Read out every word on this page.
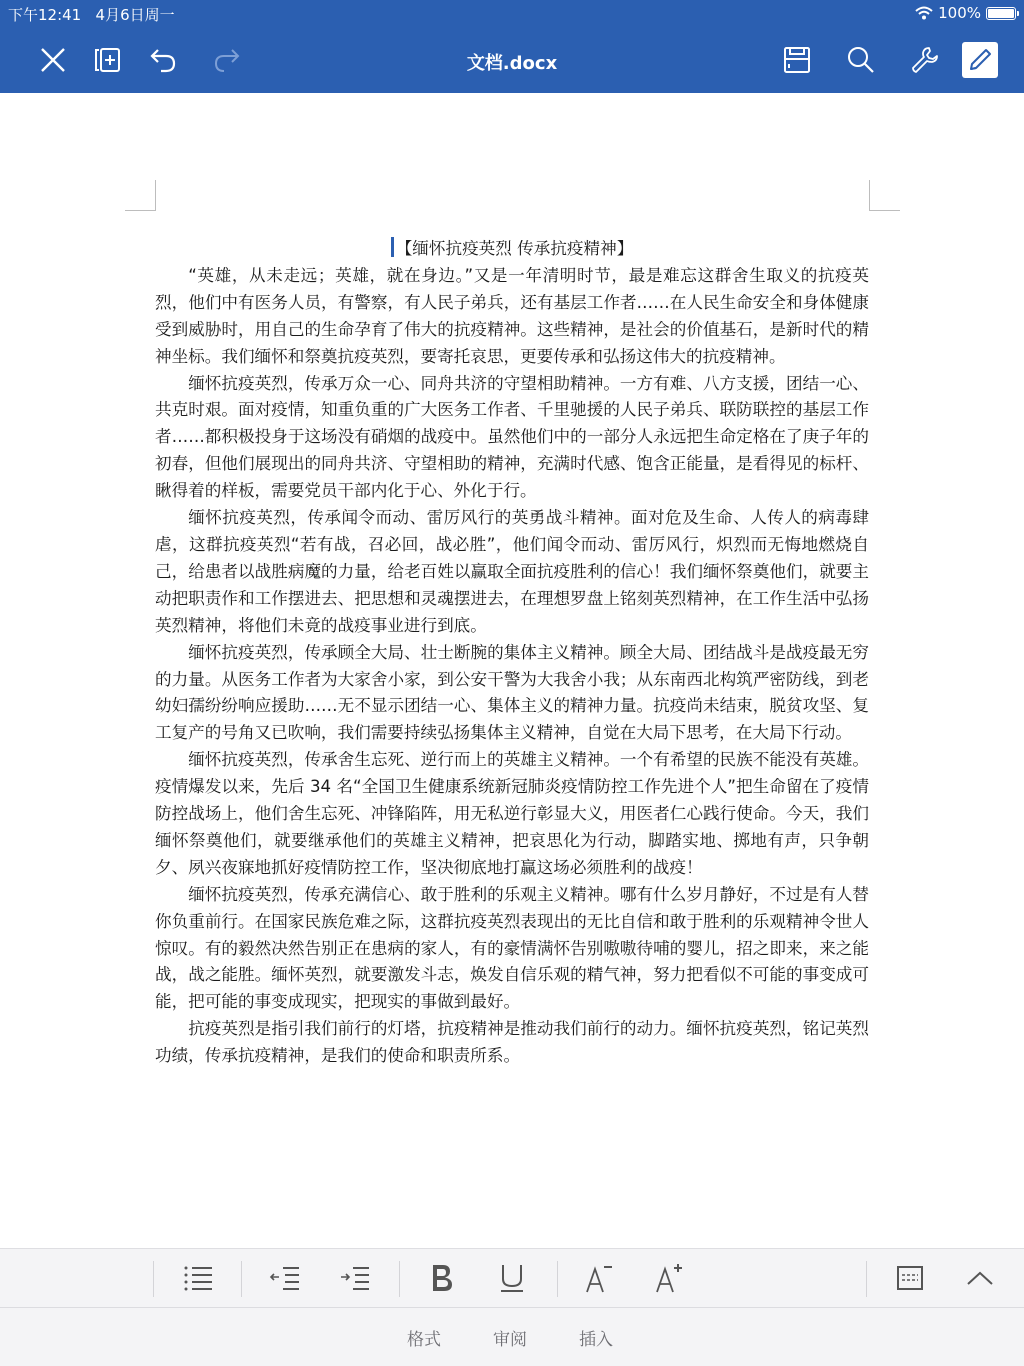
下午12:41 4月6日周一	100%
文档.docx
【缅怀抗疫英烈 传承抗疫精神】

“英雄，从未走远；英雄，就在身边。”又是一年清明时节，最是难忘这群舍生取义的抗疫英烈，他们中有医务人员，有警察，有人民子弟兵，还有基层工作者……在人民生命安全和身体健康受到威胁时，用自己的生命孕育了伟大的抗疫精神。这些精神，是社会的价值基石，是新时代的精神坐标。我们缅怀和祭奠抗疫英烈，要寄托哀思，更要传承和弘扬这伟大的抗疫精神。

缅怀抗疫英烈，传承万众一心、同舟共济的守望相助精神。一方有难、八方支援，团结一心、共克时艰。面对疫情，知重负重的广大医务工作者、千里驰援的人民子弟兵、联防联控的基层工作者……都积极投身于这场没有硝烟的战疫中。虽然他们中的一部分人永远把生命定格在了庚子年的初春，但他们展现出的同舟共济、守望相助的精神，充满时代感、饱含正能量，是看得见的标杆、瞅得着的样板，需要党员干部内化于心、外化于行。

缅怀抗疫英烈，传承闻令而动、雷厉风行的英勇战斗精神。面对危及生命、人传人的病毒肆虐，这群抗疫英烈“若有战，召必回，战必胜”，他们闻令而动、雷厉风行，炽烈而无悔地燃烧自己，给患者以战胜病魔的力量，给老百姓以赢取全面抗疫胜利的信心！我们缅怀祭奠他们，就要主动把职责作和工作摆进去、把思想和灵魂摆进去，在理想罗盘上铭刻英烈精神，在工作生活中弘扬英烈精神，将他们未竟的战疫事业进行到底。

缅怀抗疫英烈，传承顾全大局、壮士断腕的集体主义精神。顾全大局、团结战斗是战疫最无穷的力量。从医务工作者为大家舍小家，到公安干警为大我舍小我；从东南西北构筑严密防线，到老幼妇孺纷纷响应援助……无不显示团结一心、集体主义的精神力量。抗疫尚未结束，脱贫攻坚、复工复产的号角又已吹响，我们需要持续弘扬集体主义精神，自觉在大局下思考，在大局下行动。

缅怀抗疫英烈，传承舍生忘死、逆行而上的英雄主义精神。一个有希望的民族不能没有英雄。疫情爆发以来，先后 34 名“全国卫生健康系统新冠肺炎疫情防控工作先进个人”把生命留在了疫情防控战场上，他们舍生忘死、冲锋陷阵，用无私逆行彰显大义，用医者仁心践行使命。今天，我们缅怀祭奠他们，就要继承他们的英雄主义精神，把哀思化为行动，脚踏实地、掷地有声，只争朝夕、夙兴夜寐地抓好疫情防控工作，坚决彻底地打赢这场必须胜利的战疫！

缅怀抗疫英烈，传承充满信心、敢于胜利的乐观主义精神。哪有什么岁月静好，不过是有人替你负重前行。在国家民族危难之际，这群抗疫英烈表现出的无比自信和敢于胜利的乐观精神令世人惊叹。有的毅然决然告别正在患病的家人，有的豪情满怀告别嗷嗷待哺的婴儿，招之即来，来之能战，战之能胜。缅怀英烈，就要激发斗志，焕发自信乐观的精气神，努力把看似不可能的事变成可能，把可能的事变成现实，把现实的事做到最好。

抗疫英烈是指引我们前行的灯塔，抗疫精神是推动我们前行的动力。缅怀抗疫英烈，铭记英烈功绩，传承抗疫精神，是我们的使命和职责所系。

格式	审阅	插入
